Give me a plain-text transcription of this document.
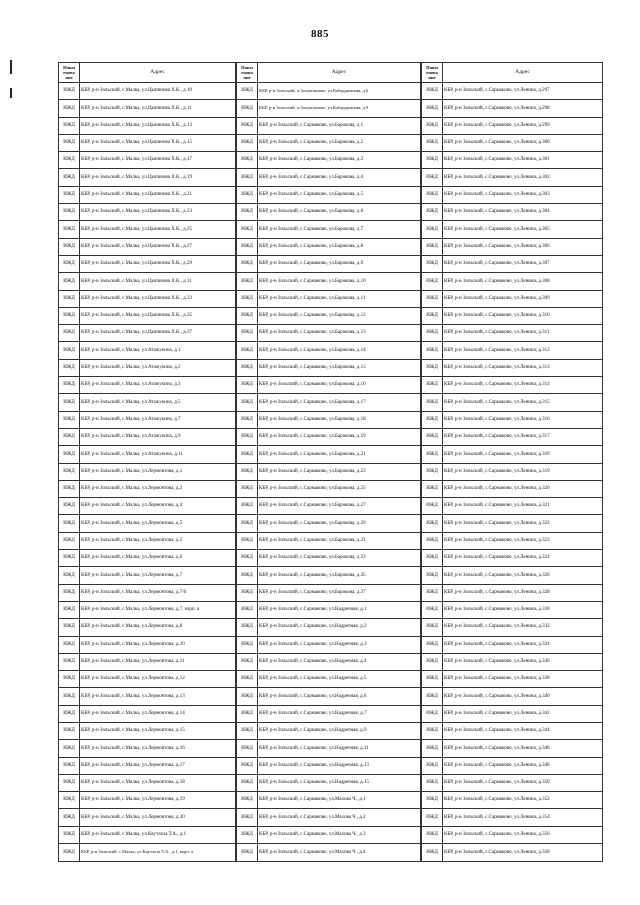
885
Наим енова ние	Адрес
ИЖД	КБР, р-н Зольский, с.Малка, ул.Цыпинова Х.К., д.10
ИЖД	КБР, р-н Зольский, с.Малка, ул.Цыпинова Х.К., д.11
ИЖД	КБР, р-н Зольский, с.Малка, ул.Цыпинова Х.К., д.13
ИЖД	КБР, р-н Зольский, с.Малка, ул.Цыпинова Х.К., д.15
ИЖД	КБР, р-н Зольский, с.Малка, ул.Цыпинова Х.К., д.17
ИЖД	КБР, р-н Зольский, с.Малка, ул.Цыпинова Х.К., д.19
ИЖД	КБР, р-н Зольский, с.Малка, ул.Цыпинова Х.К., д.21
ИЖД	КБР, р-н Зольский, с.Малка, ул.Цыпинова Х.К., д.23
ИЖД	КБР, р-н Зольский, с.Малка, ул.Цыпинова Х.К., д.25
ИЖД	КБР, р-н Зольский, с.Малка, ул.Цыпинова Х.К., д.27
ИЖД	КБР, р-н Зольский, с.Малка, ул.Цыпинова Х.К., д.29
ИЖД	КБР, р-н Зольский, с.Малка, ул.Цыпинова Х.К., д.31
ИЖД	КБР, р-н Зольский, с.Малка, ул.Цыпинова Х.К., д.33
ИЖД	КБР, р-н Зольский, с.Малка, ул.Цыпинова Х.К., д.35
ИЖД	КБР, р-н Зольский, с.Малка, ул.Цыпинова Х.К., д.37
ИЖД	КБР, р-н Зольский, с.Малка, ул.Атажукина, д.1
ИЖД	КБР, р-н Зольский, с.Малка, ул.Атажукина, д.2
ИЖД	КБР, р-н Зольский, с.Малка, ул.Атажукина, д.3
ИЖД	КБР, р-н Зольский, с.Малка, ул.Атажукина, д.5
ИЖД	КБР, р-н Зольский, с.Малка, ул.Атажукина, д.7
ИЖД	КБР, р-н Зольский, с.Малка, ул.Атажукина, д.9
ИЖД	КБР, р-н Зольский, с.Малка, ул.Атажукина, д.11
ИЖД	КБР, р-н Зольский, с.Малка, ул.Лермонтова, д.1
ИЖД	КБР, р-н Зольский, с.Малка, ул.Лермонтова, д.2
ИЖД	КБР, р-н Зольский, с.Малка, ул.Лермонтова, д.3
ИЖД	КБР, р-н Зольский, с.Малка, ул.Лермонтова, д.5
ИЖД	КБР, р-н Зольский, с.Малка, ул.Лермонтова, д.5
ИЖД	КБР, р-н Зольский, с.Малка, ул.Лермонтова, д.6
ИЖД	КБР, р-н Зольский, с.Малка, ул.Лермонтова, д.7
ИЖД	КБР, р-н Зольский, с.Малка, ул.Лермонтова, д.7/6
ИЖД	КБР, р-н Зольский, с.Малка, ул.Лермонтова, д.7, корп. а
ИЖД	КБР, р-н Зольский, с.Малка, ул.Лермонтова, д.8
ИЖД	КБР, р-н Зольский, с.Малка, ул.Лермонтова, д.10
ИЖД	КБР, р-н Зольский, с.Малка, ул.Лермонтова, д.11
ИЖД	КБР, р-н Зольский, с.Малка, ул.Лермонтова, д.12
ИЖД	КБР, р-н Зольский, с.Малка, ул.Лермонтова, д.13
ИЖД	КБР, р-н Зольский, с.Малка, ул.Лермонтова, д.14
ИЖД	КБР, р-н Зольский, с.Малка, ул.Лермонтова, д.15
ИЖД	КБР, р-н Зольский, с.Малка, ул.Лермонтова, д.16
ИЖД	КБР, р-н Зольский, с.Малка, ул.Лермонтова, д.17
ИЖД	КБР, р-н Зольский, с.Малка, ул.Лермонтова, д.18
ИЖД	КБР, р-н Зольский, с.Малка, ул.Лермонтова, д.19
ИЖД	КБР, р-н Зольский, с.Малка, ул.Лермонтова, д.20
ИЖД	КБР, р-н Зольский, с.Малка, ул.Кяутлоза Т.А., д.1
ИЖД	КБР, р-н Зольский, с.Малка, ул.Кяутлоза Т.А., д.1, корп. а
Наим енова ние	Адрес
ИЖД	КБР, р-н Зольский, п.Залукокоаже, ул.Кабардинская, д.6
ИЖД	КБР, р-н Зольский, п.Залукокоаже, ул.Кабардинская, д.9
ИЖД	КБР, р-н Зольский, с.Сармаково, ул.Барокова, д.1
ИЖД	КБР, р-н Зольский, с.Сармаково, ул.Барокова, д.2
ИЖД	КБР, р-н Зольский, с.Сармаково, ул.Барокова, д.3
ИЖД	КБР, р-н Зольский, с.Сармаково, ул.Барокова, д.4
ИЖД	КБР, р-н Зольский, с.Сармаково, ул.Барокова, д.5
ИЖД	КБР, р-н Зольский, с.Сармаково, ул.Барокова, д.6
ИЖД	КБР, р-н Зольский, с.Сармаково, ул.Барокова, д.7
ИЖД	КБР, р-н Зольский, с.Сармаково, ул.Барокова, д.8
ИЖД	КБР, р-н Зольский, с.Сармаково, ул.Барокова, д.9
ИЖД	КБР, р-н Зольский, с.Сармаково, ул.Барокова, д.10
ИЖД	КБР, р-н Зольский, с.Сармаково, ул.Барокова, д.11
ИЖД	КБР, р-н Зольский, с.Сармаково, ул.Барокова, д.12
ИЖД	КБР, р-н Зольский, с.Сармаково, ул.Барокова, д.13
ИЖД	КБР, р-н Зольский, с.Сармаково, ул.Барокова, д.14
ИЖД	КБР, р-н Зольский, с.Сармаково, ул.Барокова, д.15
ИЖД	КБР, р-н Зольский, с.Сармаково, ул.Барокова, д.16
ИЖД	КБР, р-н Зольский, с.Сармаково, ул.Барокова, д.17
ИЖД	КБР, р-н Зольский, с.Сармаково, ул.Барокова, д.18
ИЖД	КБР, р-н Зольский, с.Сармаково, ул.Барокова, д.19
ИЖД	КБР, р-н Зольский, с.Сармаково, ул.Барокова, д.21
ИЖД	КБР, р-н Зольский, с.Сармаково, ул.Барокова, д.23
ИЖД	КБР, р-н Зольский, с.Сармаково, ул.Барокова, д.25
ИЖД	КБР, р-н Зольский, с.Сармаково, ул.Барокова, д.27
ИЖД	КБР, р-н Зольский, с.Сармаково, ул.Барокова, д.29
ИЖД	КБР, р-н Зольский, с.Сармаково, ул.Барокова, д.31
ИЖД	КБР, р-н Зольский, с.Сармаково, ул.Барокова, д.33
ИЖД	КБР, р-н Зольский, с.Сармаково, ул.Барокова, д.35
ИЖД	КБР, р-н Зольский, с.Сармаково, ул.Барокова, д.37
ИЖД	КБР, р-н Зольский, с.Сармаково, ул.Надречная, д.1
ИЖД	КБР, р-н Зольский, с.Сармаково, ул.Надречная, д.2
ИЖД	КБР, р-н Зольский, с.Сармаково, ул.Надречная, д.3
ИЖД	КБР, р-н Зольский, с.Сармаково, ул.Надречная, д.4
ИЖД	КБР, р-н Зольский, с.Сармаково, ул.Надречная, д.5
ИЖД	КБР, р-н Зольский, с.Сармаково, ул.Надречная, д.6
ИЖД	КБР, р-н Зольский, с.Сармаково, ул.Надречная, д.7
ИЖД	КБР, р-н Зольский, с.Сармаково, ул.Надречная, д.9
ИЖД	КБР, р-н Зольский, с.Сармаково, ул.Надречная, д.11
ИЖД	КБР, р-н Зольский, с.Сармаково, ул.Надречная, д.13
ИЖД	КБР, р-н Зольский, с.Сармаково, ул.Надречная, д.15
ИЖД	КБР, р-н Зольский, с.Сармаково, ул.Махова Ч., д.1
ИЖД	КБР, р-н Зольский, с.Сармаково, ул.Махова Ч., д.2
ИЖД	КБР, р-н Зольский, с.Сармаково, ул.Махова Ч., д.3
ИЖД	КБР, р-н Зольский, с.Сармаково, ул.Махова Ч., д.4
Наим енова ние	Адрес
ИЖД	КБР, р-н Зольский, с.Сармаково, ул.Ленина, д.297
ИЖД	КБР, р-н Зольский, с.Сармаково, ул.Ленина, д.298
ИЖД	КБР, р-н Зольский, с.Сармаково, ул.Ленина, д.299
ИЖД	КБР, р-н Зольский, с.Сармаково, ул.Ленина, д.300
ИЖД	КБР, р-н Зольский, с.Сармаково, ул.Ленина, д.301
ИЖД	КБР, р-н Зольский, с.Сармаково, ул.Ленина, д.302
ИЖД	КБР, р-н Зольский, с.Сармаково, ул.Ленина, д.303
ИЖД	КБР, р-н Зольский, с.Сармаково, ул.Ленина, д.304
ИЖД	КБР, р-н Зольский, с.Сармаково, ул.Ленина, д.305
ИЖД	КБР, р-н Зольский, с.Сармаково, ул.Ленина, д.306
ИЖД	КБР, р-н Зольский, с.Сармаково, ул.Ленина, д.307
ИЖД	КБР, р-н Зольский, с.Сармаково, ул.Ленина, д.308
ИЖД	КБР, р-н Зольский, с.Сармаково, ул.Ленина, д.309
ИЖД	КБР, р-н Зольский, с.Сармаково, ул.Ленина, д.310
ИЖД	КБР, р-н Зольский, с.Сармаково, ул.Ленина, д.311
ИЖД	КБР, р-н Зольский, с.Сармаково, ул.Ленина, д.312
ИЖД	КБР, р-н Зольский, с.Сармаково, ул.Ленина, д.313
ИЖД	КБР, р-н Зольский, с.Сармаково, ул.Ленина, д.314
ИЖД	КБР, р-н Зольский, с.Сармаково, ул.Ленина, д.315
ИЖД	КБР, р-н Зольский, с.Сармаково, ул.Ленина, д.316
ИЖД	КБР, р-н Зольский, с.Сармаково, ул.Ленина, д.317
ИЖД	КБР, р-н Зольский, с.Сармаково, ул.Ленина, д.318
ИЖД	КБР, р-н Зольский, с.Сармаково, ул.Ленина, д.319
ИЖД	КБР, р-н Зольский, с.Сармаково, ул.Ленина, д.320
ИЖД	КБР, р-н Зольский, с.Сармаково, ул.Ленина, д.321
ИЖД	КБР, р-н Зольский, с.Сармаково, ул.Ленина, д.322
ИЖД	КБР, р-н Зольский, с.Сармаково, ул.Ленина, д.323
ИЖД	КБР, р-н Зольский, с.Сармаково, ул.Ленина, д.324
ИЖД	КБР, р-н Зольский, с.Сармаково, ул.Ленина, д.326
ИЖД	КБР, р-н Зольский, с.Сармаково, ул.Ленина, д.328
ИЖД	КБР, р-н Зольский, с.Сармаково, ул.Ленина, д.330
ИЖД	КБР, р-н Зольский, с.Сармаково, ул.Ленина, д.332
ИЖД	КБР, р-н Зольский, с.Сармаково, ул.Ленина, д.334
ИЖД	КБР, р-н Зольский, с.Сармаково, ул.Ленина, д.336
ИЖД	КБР, р-н Зольский, с.Сармаково, ул.Ленина, д.338
ИЖД	КБР, р-н Зольский, с.Сармаково, ул.Ленина, д.340
ИЖД	КБР, р-н Зольский, с.Сармаково, ул.Ленина, д.342
ИЖД	КБР, р-н Зольский, с.Сармаково, ул.Ленина, д.344
ИЖД	КБР, р-н Зольский, с.Сармаково, ул.Ленина, д.346
ИЖД	КБР, р-н Зольский, с.Сармаково, ул.Ленина, д.348
ИЖД	КБР, р-н Зольский, с.Сармаково, ул.Ленина, д.350
ИЖД	КБР, р-н Зольский, с.Сармаково, ул.Ленина, д.352
ИЖД	КБР, р-н Зольский, с.Сармаково, ул.Ленина, д.354
ИЖД	КБР, р-н Зольский, с.Сармаково, ул.Ленина, д.356
ИЖД	КБР, р-н Зольский, с.Сармаково, ул.Ленина, д.358
